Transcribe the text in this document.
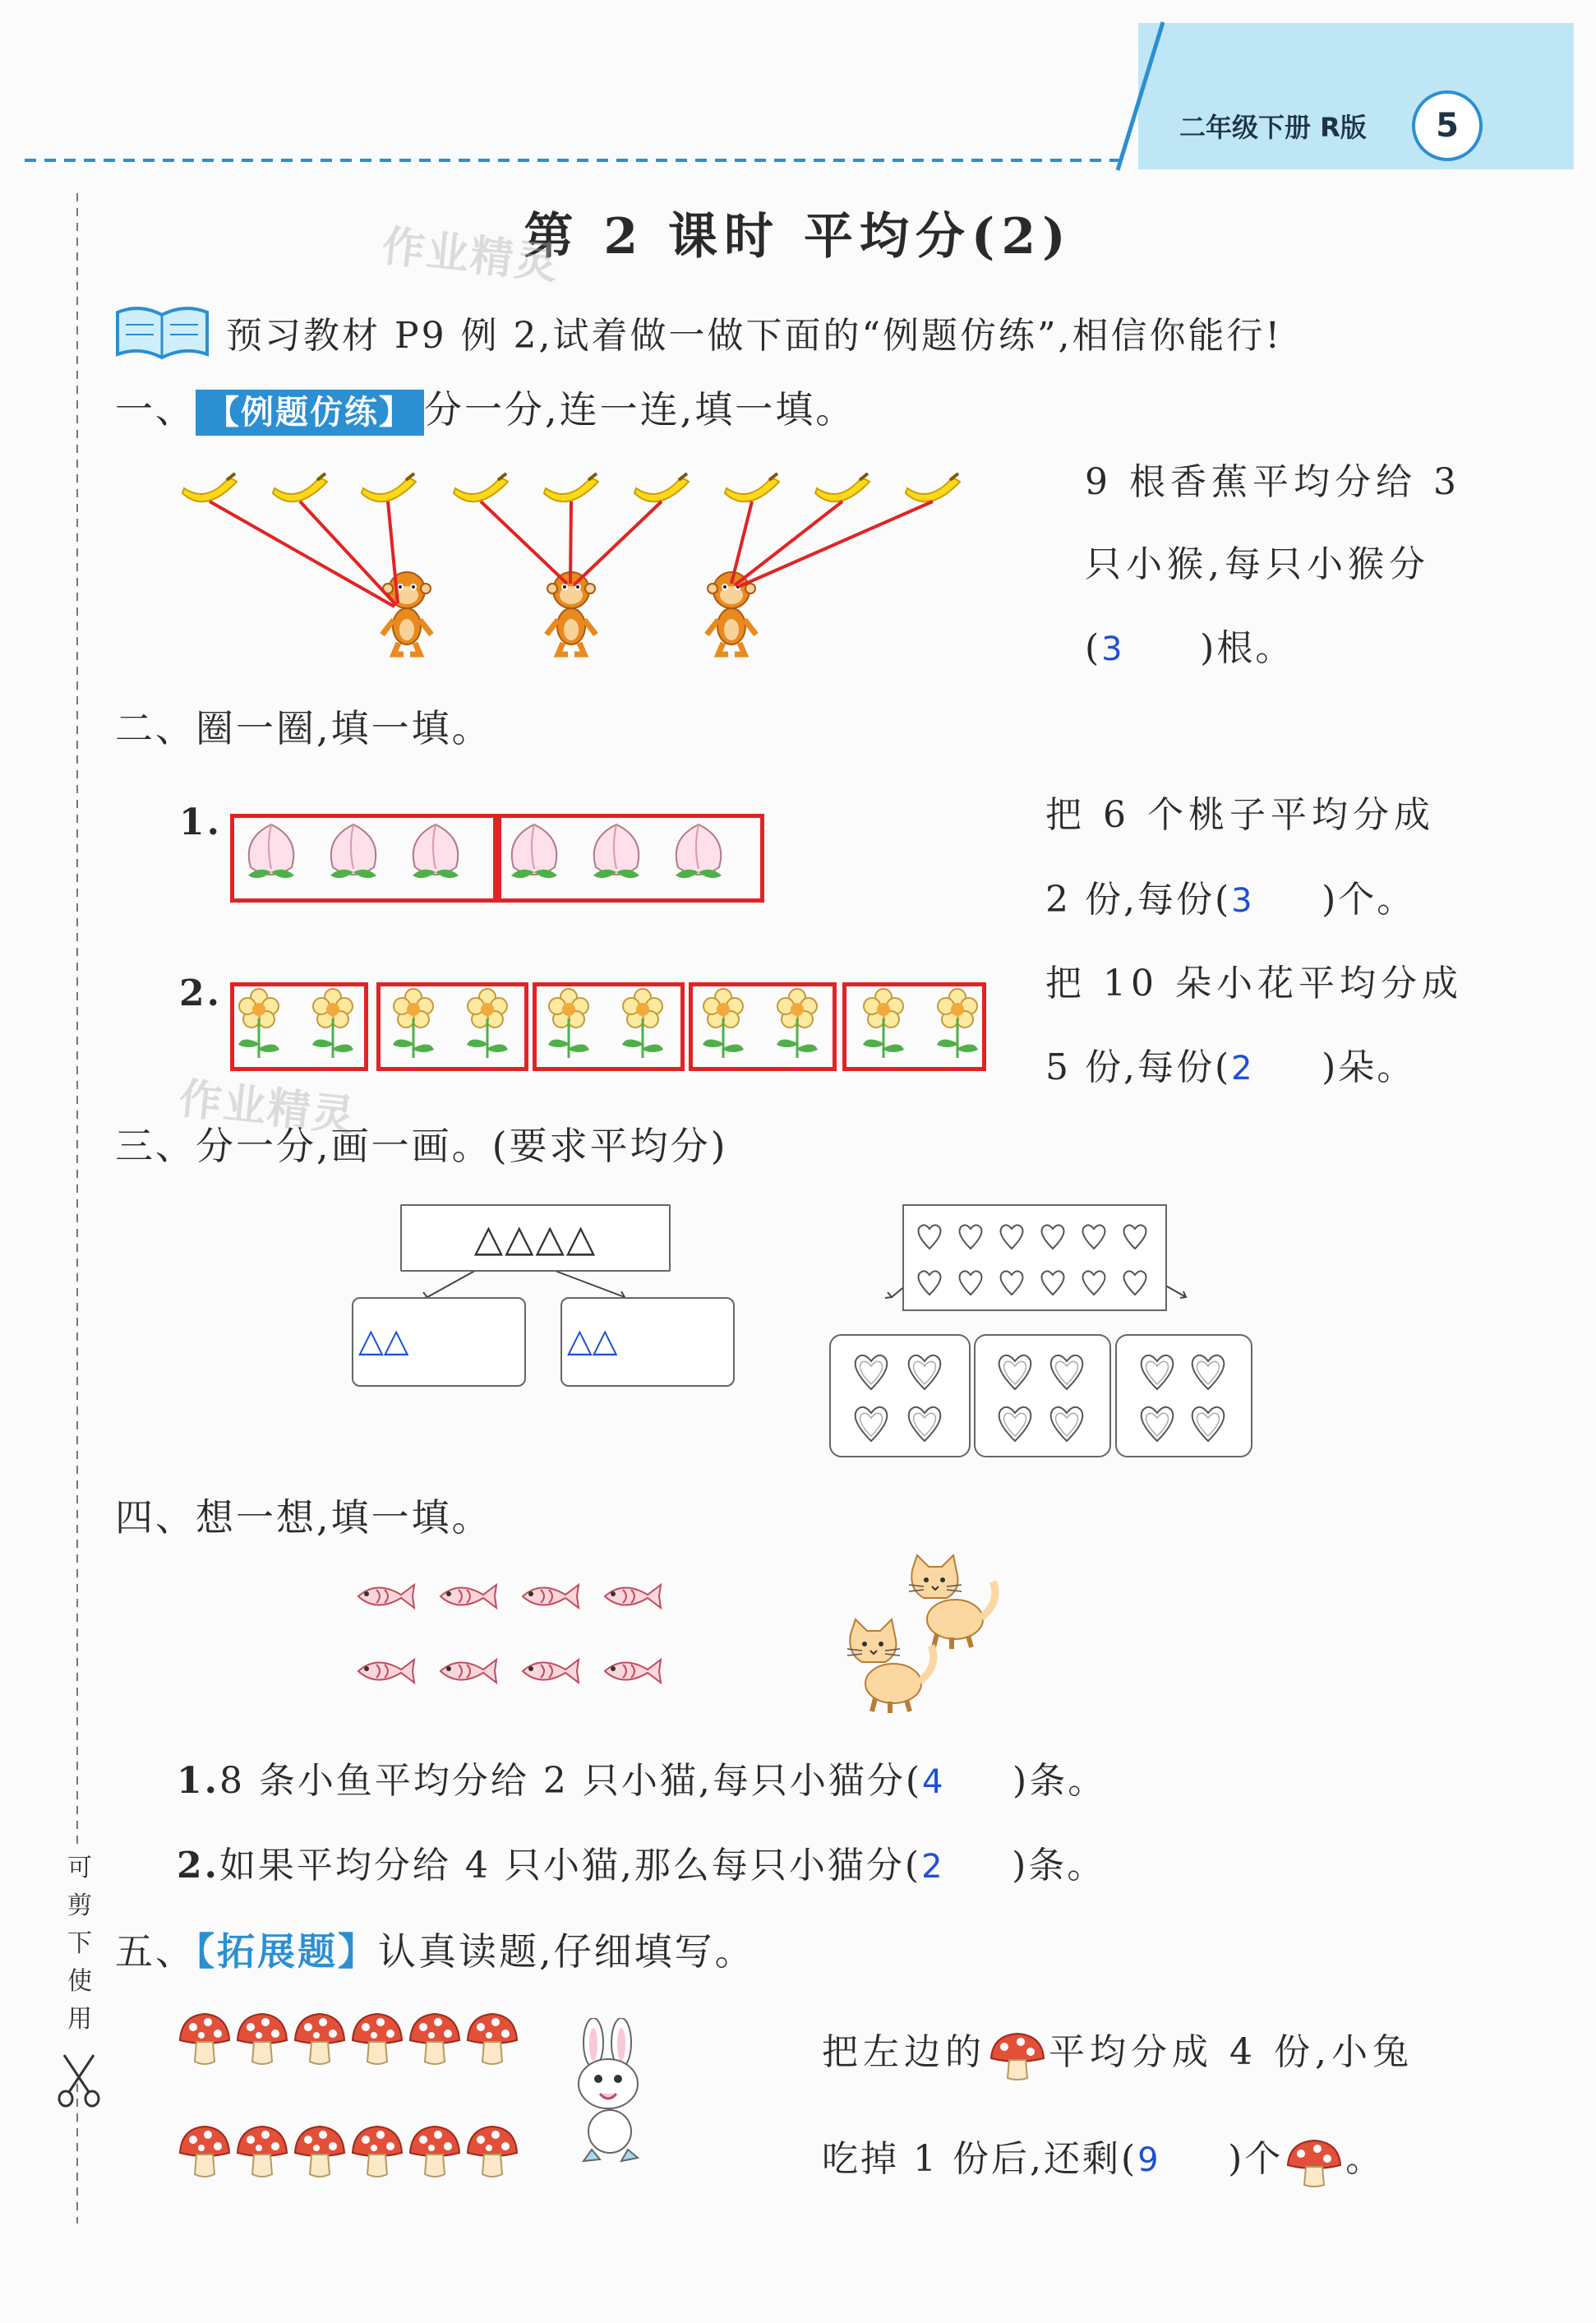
二年级下册 R版	5
可
剪
下
使
用
第 2 课时 平均分(2)
作业精灵
预习教材 P9 例 2,试着做一做下面的“例题仿练”,相信你能行!
一、 【例题仿练】 分一分,连一连,填一填。
9 根香蕉平均分给 3
只小猴,每只小猴分
(3 )根。
二、圈一圈,填一填。
1.	把 6 个桃子平均分成
2 份,每份(3 )个。
2.	把 10 朵小花平均分成
5 份,每份(2 )朵。
作业精灵
三、分一分,画一画。(要求平均分)
△△△△
△△	△△
四、想一想,填一填。
1.8 条小鱼平均分给 2 只小猫,每只小猫分(4 )条。
2.如果平均分给 4 只小猫,那么每只小猫分(2 )条。
五、【拓展题】认真读题,仔细填写。
把左边的 平均分成 4 份,小兔
吃掉 1 份后,还剩(9 )个 。
